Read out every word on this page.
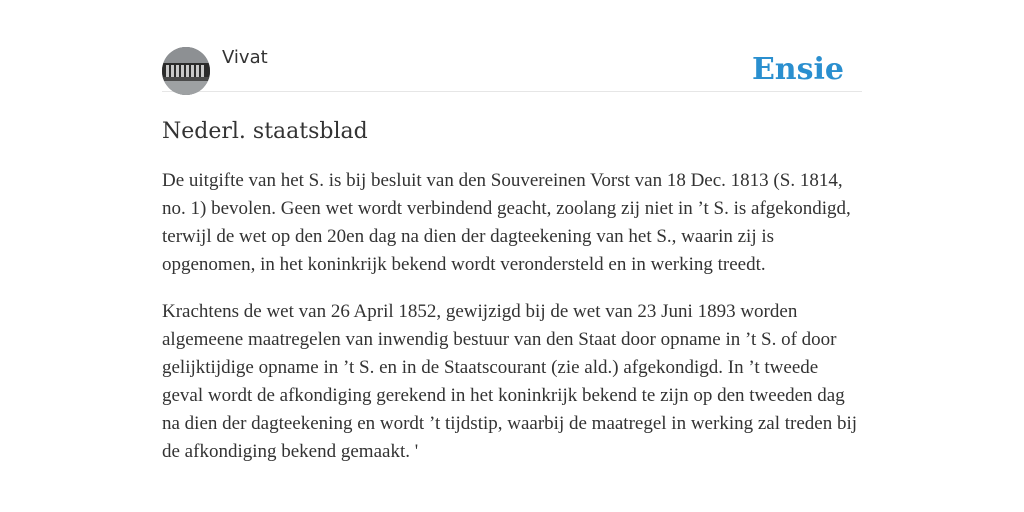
Vivat	Ensie
Nederl. staatsblad

De uitgifte van het S. is bij besluit van den Souvereinen Vorst van 18 Dec. 1813 (S. 1814, no. 1) bevolen. Geen wet wordt verbindend geacht, zoolang zij niet in ’t S. is afgekondigd, terwijl de wet op den 20en dag na dien der dagteekening van het S., waarin zij is opgenomen, in het koninkrijk bekend wordt verondersteld en in werking treedt.

Krachtens de wet van 26 April 1852, gewijzigd bij de wet van 23 Juni 1893 worden algemeene maatregelen van inwendig bestuur van den Staat door opname in ’t S. of door gelijktijdige opname in ’t S. en in de Staatscourant (zie ald.) afgekondigd. In ’t tweede geval wordt de afkondiging gerekend in het koninkrijk bekend te zijn op den tweeden dag na dien der dagteekening en wordt ’t tijdstip, waarbij de maatregel in werking zal treden bij de afkondiging bekend gemaakt. '
